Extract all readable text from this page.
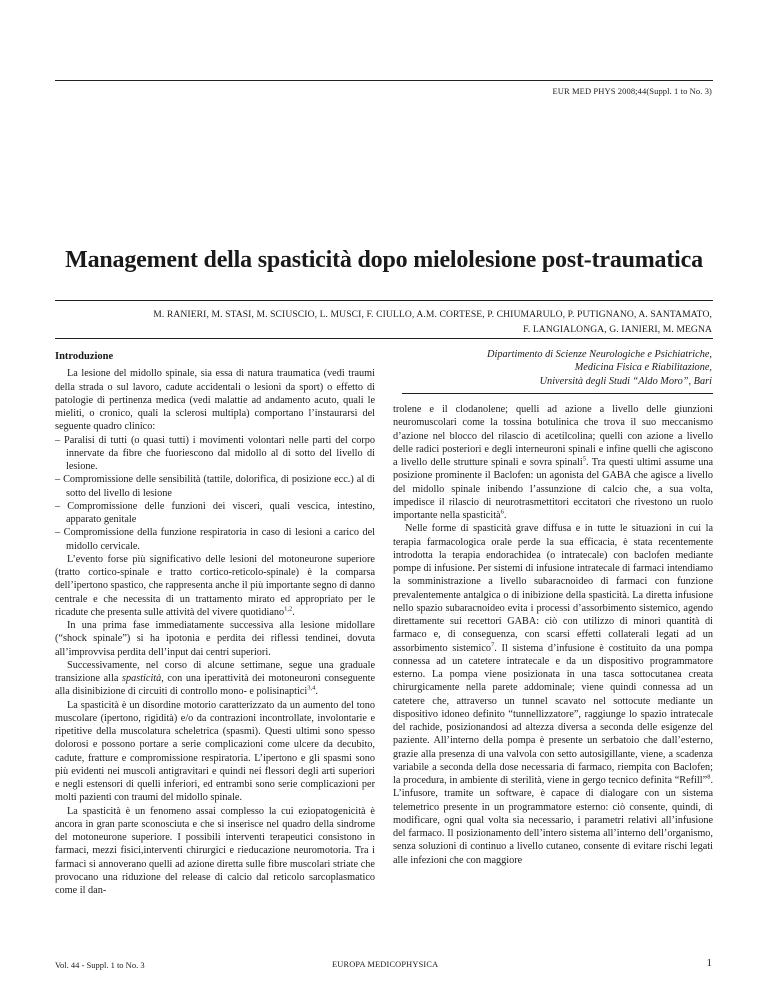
EUR MED PHYS 2008;44(Suppl. 1 to No. 3)
Management della spasticità dopo mielolesione post-traumatica
M. RANIERI, M. STASI, M. SCIUSCIO, L. MUSCI, F. CIULLO, A.M. CORTESE, P. CHIUMARULO, P. PUTIGNANO, A. SANTAMATO,
F. LANGIALONGA, G. IANIERI, M. MEGNA
Dipartimento di Scienze Neurologiche e Psichiatriche,
Medicina Fisica e Riabilitazione,
Università degli Studi “Aldo Moro”, Bari
Introduzione

La lesione del midollo spinale, sia essa di natura traumatica (vedi traumi della strada o sul lavoro, cadute accidentali o lesioni da sport) o effetto di patologie di pertinenza medica (vedi malattie ad andamento acuto, quali le mieliti, o cronico, quali la sclerosi multipla) comportano l’instaurarsi del seguente quadro clinico:

– Paralisi di tutti (o quasi tutti) i movimenti volontari nelle parti del corpo innervate da fibre che fuoriescono dal midollo al di sotto del livello di lesione.
– Compromissione delle sensibilità (tattile, dolorifica, di posizione ecc.) al di sotto del livello di lesione
– Compromissione delle funzioni dei visceri, quali vescica, intestino, apparato genitale
– Compromissione della funzione respiratoria in caso di lesioni a carico del midollo cervicale.

L’evento forse più significativo delle lesioni del motoneurone superiore (tratto cortico-spinale e tratto cortico-reticolo-spinale) è la comparsa dell’ipertono spastico, che rappresenta anche il più importante segno di danno centrale e che necessita di un trattamento mirato ed appropriato per le ricadute che presenta sulle attività del vivere quotidiano$^{1,2}$.

In una prima fase immediatamente successiva alla lesione midollare (“shock spinale”) si ha ipotonia e perdita dei riflessi tendinei, dovuta all’improvvisa perdita dell’input dai centri superiori.

Successivamente, nel corso di alcune settimane, segue una graduale transizione alla spasticità, con una iperattività dei motoneuroni conseguente alla disinibizione di circuiti di controllo mono- e polisinaptici$^{3,4}$.

La spasticità è un disordine motorio caratterizzato da un aumento del tono muscolare (ipertono, rigidità) e/o da contrazioni incontrollate, involontarie e ripetitive della muscolatura scheletrica (spasmi). Questi ultimi sono spesso dolorosi e possono portare a serie complicazioni come ulcere da decubito, cadute, fratture e compromissione respiratoria. L’ipertono e gli spasmi sono più evidenti nei muscoli antigravitari e quindi nei flessori degli arti superiori e negli estensori di quelli inferiori, ed entrambi sono serie complicazioni per molti pazienti con traumi del midollo spinale.

La spasticità è un fenomeno assai complesso la cui eziopatogenicità è ancora in gran parte sconosciuta e che si inserisce nel quadro della sindrome del motoneurone superiore. I possibili interventi terapeutici consistono in farmaci, mezzi fisici,interventi chirurgici e rieducazione neuromotoria. Tra i farmaci si annoverano quelli ad azione diretta sulle fibre muscolari striate che provocano una riduzione del release di calcio dal reticolo sarcoplasmatico come il dan-

trolene e il clodanolene; quelli ad azione a livello delle giunzioni neuromuscolari come la tossina botulinica che trova il suo meccanismo d’azione nel blocco del rilascio di acetilcolina; quelli con azione a livello delle radici posteriori e degli interneuroni spinali e infine quelli che agiscono a livello delle strutture spinali e sovra spinali$^5$. Tra questi ultimi assume una posizione prominente il Baclofen: un agonista del GABA che agisce a livello del midollo spinale inibendo l’assunzione di calcio che, a sua volta, impedisce il rilascio di neurotrasmettitori eccitatori che rivestono un ruolo importante nella spasticità$^6$.

Nelle forme di spasticità grave diffusa e in tutte le situazioni in cui la terapia farmacologica orale perde la sua efficacia, è stata recentemente introdotta la terapia endorachidea (o intratecale) con baclofen mediante pompe di infusione. Per sistemi di infusione intratecale di farmaci intendiamo la somministrazione a livello subaracnoideo di farmaci con funzione prevalentemente antalgica o di inibizione della spasticità. La diretta infusione nello spazio subaracnoideo evita i processi d’assorbimento sistemico, agendo direttamente sui recettori GABA: ciò con utilizzo di minori quantità di farmaco e, di conseguenza, con scarsi effetti collaterali legati ad un assorbimento sistemico$^7$. Il sistema d’infusione è costituito da una pompa connessa ad un catetere intratecale e da un dispositivo programmatore esterno. La pompa viene posizionata in una tasca sottocutanea creata chirurgicamente nella parete addominale; viene quindi connessa ad un catetere che, attraverso un tunnel scavato nel sottocute mediante un dispositivo idoneo definito “tunnellizzatore”, raggiunge lo spazio intratecale del rachide, posizionandosi ad altezza diversa a seconda delle esigenze del paziente. All’interno della pompa è presente un serbatoio che dall’esterno, grazie alla presenza di una valvola con setto autosigillante, viene, a scadenza variabile a seconda della dose necessaria di farmaco, riempita con Baclofen; la procedura, in ambiente di sterilità, viene in gergo tecnico definita “Refill”$^8$. L’infusore, tramite un software, è capace di dialogare con un sistema telemetrico presente in un programmatore esterno: ciò consente, quindi, di modificare, ogni qual volta sia necessario, i parametri relativi all’infusione del farmaco. Il posizionamento dell’intero sistema all’interno dell’organismo, senza soluzioni di continuo a livello cutaneo, consente di evitare rischi legati alle infezioni che con maggiore

Vol. 44 - Suppl. 1 to No. 3	EUROPA MEDICOPHYSICA	1
